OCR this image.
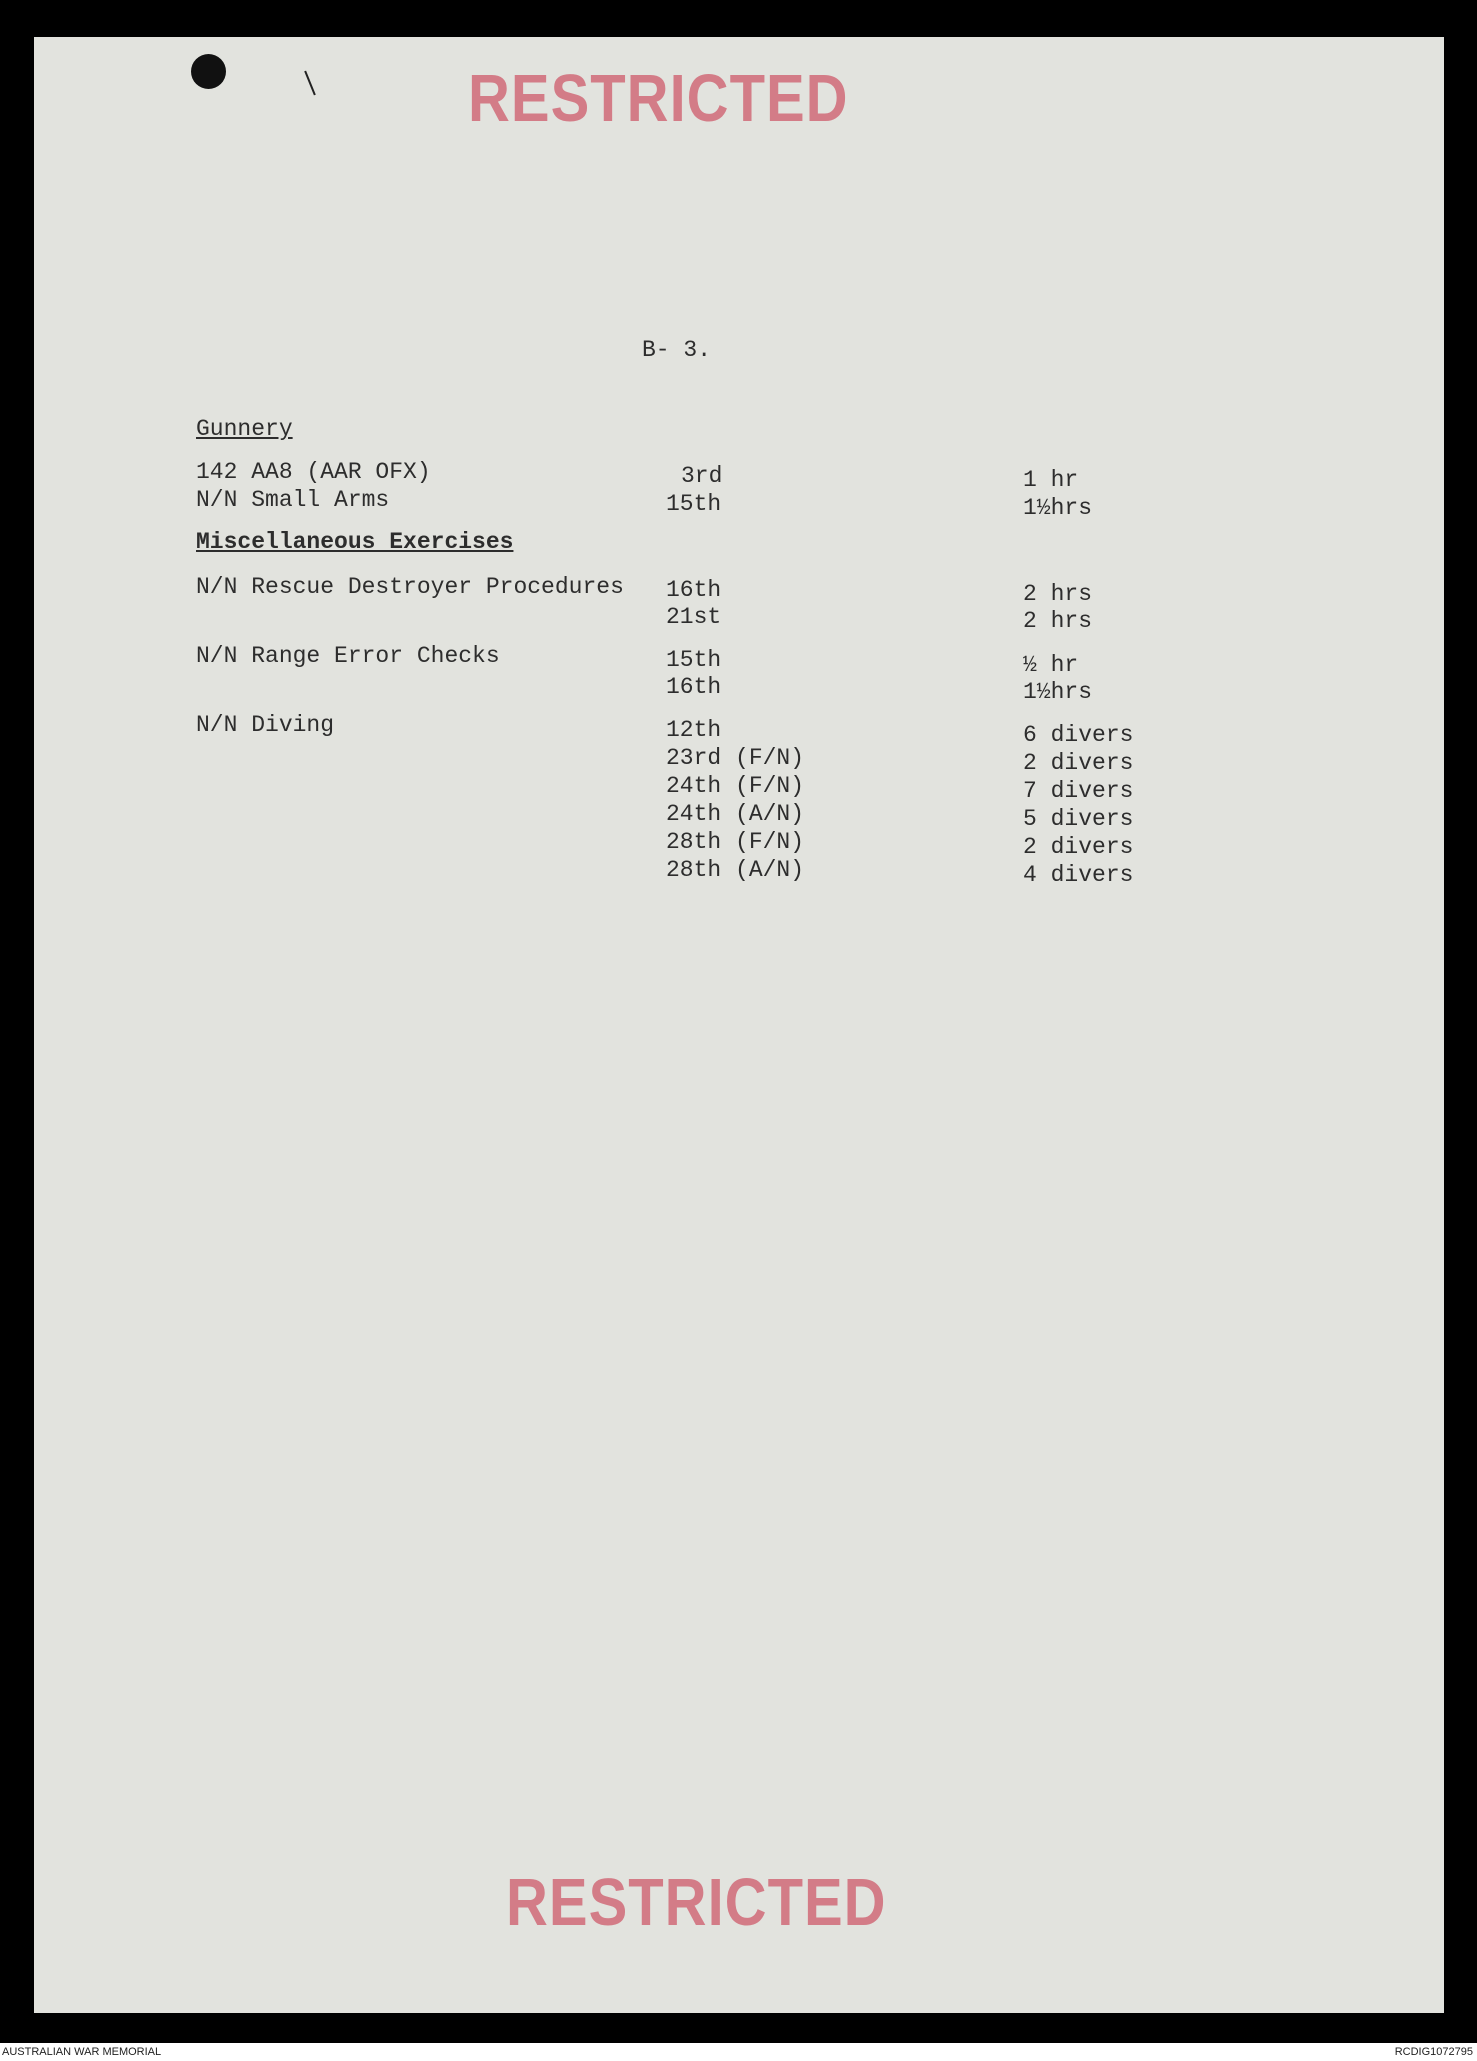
RESTRICTED
B- 3.
Gunnery
142 AA8 (AAR OFX)	3rd	1 hr
N/N Small Arms	15th	1½hrs
Miscellaneous Exercises
N/N Rescue Destroyer Procedures 16th	2 hrs
21st	2 hrs
N/N Range Error Checks	15th	½ hr
16th	1½hrs
N/N Diving	12th	6 divers
23rd (F/N)	2 divers
24th (F/N)	7 divers
24th (A/N)	5 divers
28th (F/N)	2 divers
28th (A/N)	4 divers
RESTRICTED
AUSTRALIAN WAR MEMORIAL	RCDIG1072795
